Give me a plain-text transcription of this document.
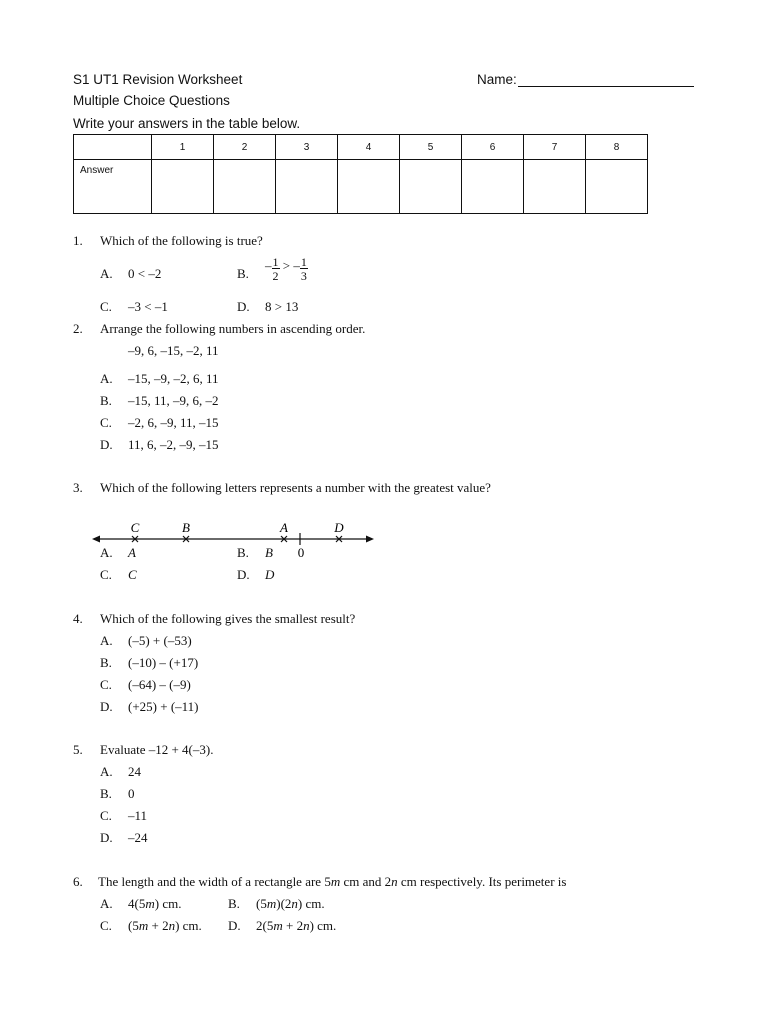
S1 UT1 Revision Worksheet	Name:
Multiple Choice Questions
Write your answers in the table below.
	1	2	3	4	5	6	7	8
Answer								
1. Which of the following is true?
A. 0 < –2	B.
– $\frac{1}{2}$ > – $\frac{1}{3}$
C. –3 < –1	D. 8 > 13
2. Arrange the following numbers in ascending order.
–9, 6, –15, –2, 11
A. –15, –9, –2, 6, 11
B. –15, 11, –9, 6, –2
C. –2, 6, –9, 11, –15
D. 11, 6, –2, –9, –15
3. Which of the following letters represents a number with the greatest value?
C	B	A	D
0
A. A	B. B
C. C	D. D
4. Which of the following gives the smallest result?
A. (–5) + (–53)
B. (–10) – (+17)
C. (–64) – (–9)
D. (+25) + (–11)
5. Evaluate –12 + 4(–3).
A. 24
B. 0
C. –11
D. –24
6. The length and the width of a rectangle are 5m cm and 2n cm respectively. Its perimeter is
A. 4(5m) cm.	B. (5m)(2n) cm.
C. (5m + 2n) cm. D. 2(5m + 2n) cm.
